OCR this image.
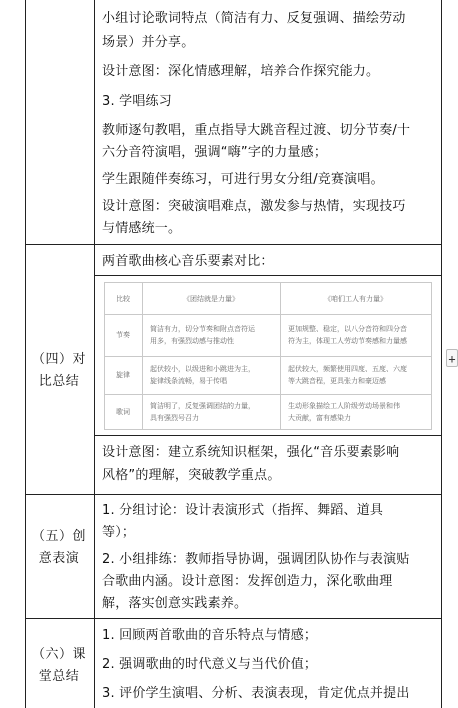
小组讨论歌词特点（简洁有力、反复强调、描绘劳动
场景）并分享。
设计意图：深化情感理解，培养合作探究能力。
3. 学唱练习
教师逐句教唱，重点指导大跳音程过渡、切分节奏/十
六分音符演唱，强调“嗨”字的力量感；
学生跟随伴奏练习，可进行男女分组/竞赛演唱。
设计意图：突破演唱难点，激发参与热情，实现技巧
与情感统一。
（四）对
比总结
两首歌曲核心音乐要素对比：
比较	《团结就是力量》	《咱们工人有力量》
节奏
简洁有力，切分节奏和附点音符运
用多，有强烈动感与推动性
更加规整、稳定，以八分音符和四分音
符为主，体现工人劳动节奏感和力量感
旋律
起伏较小，以级进和小跳进为主，
旋律线条流畅，易于传唱
起伏较大，频繁使用四度、五度、六度
等大跳音程，更具张力和豪迈感
歌词
简洁明了，反复强调团结的力量，
具有强烈号召力
生动形象描绘工人阶级劳动场景和伟
大贡献，富有感染力
设计意图：建立系统知识框架，强化“音乐要素影响
风格”的理解，突破教学重点。
（五）创
意表演
1. 分组讨论：设计表演形式（指挥、舞蹈、道具
等）；
2. 小组排练：教师指导协调，强调团队协作与表演贴
合歌曲内涵。设计意图：发挥创造力，深化歌曲理
解，落实创意实践素养。
（六）课
堂总结
1. 回顾两首歌曲的音乐特点与情感；
2. 强调歌曲的时代意义与当代价值；
3. 评价学生演唱、分析、表演表现，肯定优点并提出
+
